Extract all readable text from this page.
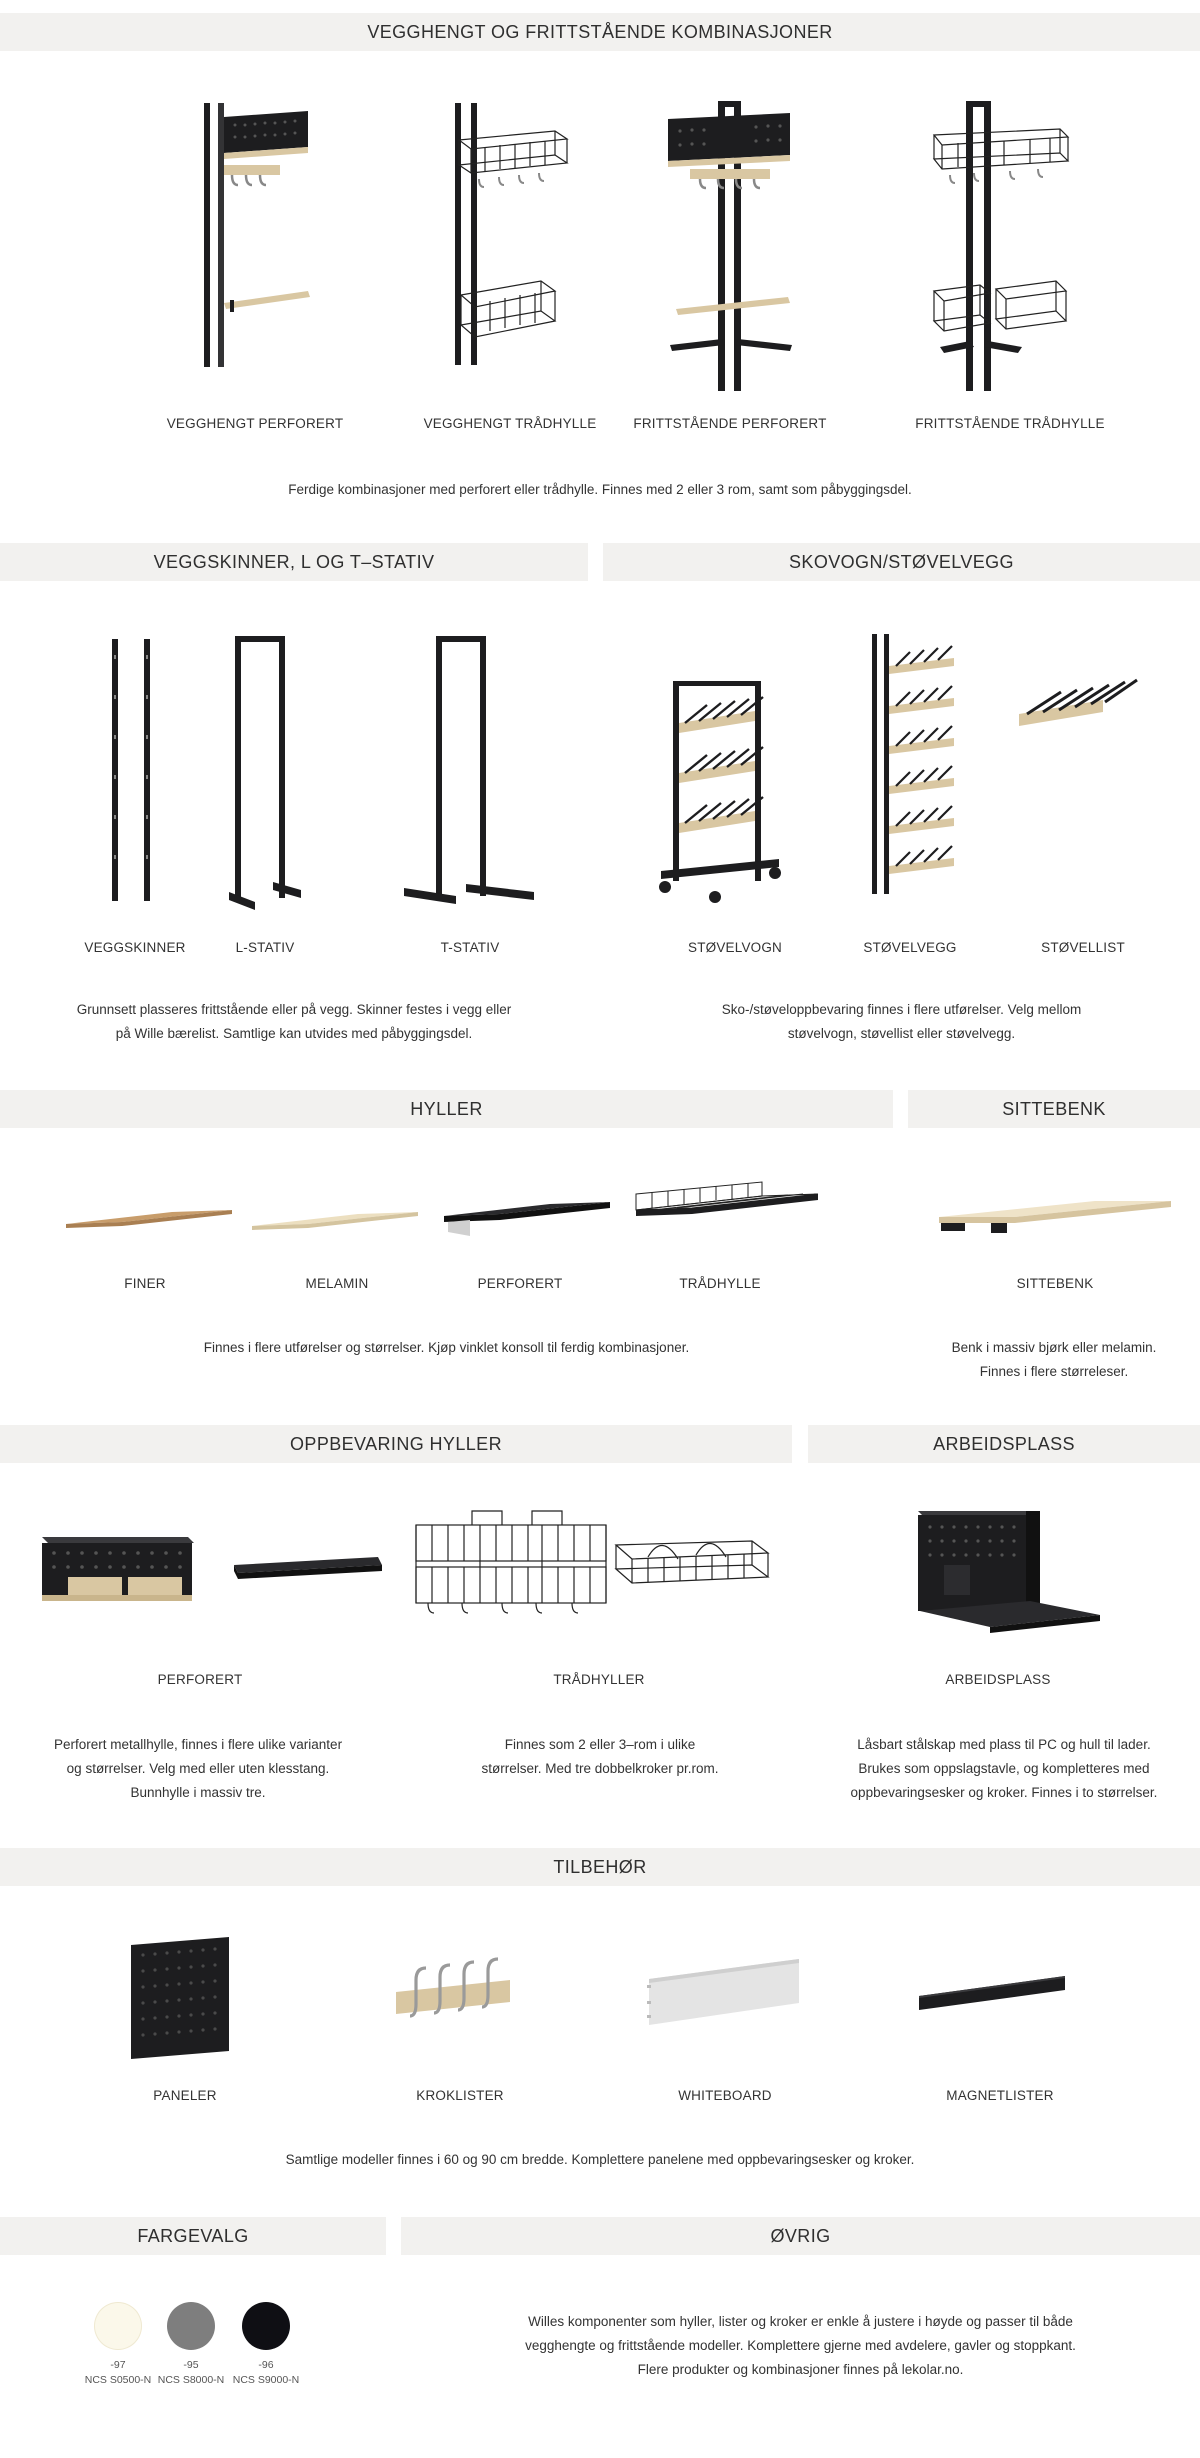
VEGGHENGT OG FRITTSTÅENDE KOMBINASJONER
VEGGHENGT PERFORERT	VEGGHENGT TRÅDHYLLE	FRITTSTÅENDE PERFORERT	FRITTSTÅENDE TRÅDHYLLE
Ferdige kombinasjoner med perforert eller trådhylle. Finnes med 2 eller 3 rom, samt som påbyggingsdel.
VEGGSKINNER, L OG T–STATIV	SKOVOGN/STØVELVEGG
VEGGSKINNER	L-STATIV	T-STATIV
Grunnsett plasseres frittstående eller på vegg. Skinner festes i vegg eller
på Wille bærelist. Samtlige kan utvides med påbyggingsdel.
STØVELVOGN	STØVELVEGG	STØVELLIST
Sko-/støveloppbevaring finnes i flere utførelser. Velg mellom
støvelvogn, støvellist eller støvelvegg.
HYLLER	SITTEBENK
FINER	MELAMIN	PERFORERT	TRÅDHYLLE
Finnes i flere utførelser og størrelser. Kjøp vinklet konsoll til ferdig kombinasjoner.
SITTEBENK
Benk i massiv bjørk eller melamin.
Finnes i flere størreleser.
OPPBEVARING HYLLER	ARBEIDSPLASS
PERFORERT	TRÅDHYLLER
Perforert metallhylle, finnes i flere ulike varianter
og størrelser. Velg med eller uten klesstang.
Bunnhylle i massiv tre.
Finnes som 2 eller 3–rom i ulike
størrelser. Med tre dobbelkroker pr.rom.
ARBEIDSPLASS
Låsbart stålskap med plass til PC og hull til lader.
Brukes som oppslagstavle, og kompletteres med
oppbevaringsesker og kroker. Finnes i to størrelser.
TILBEHØR
PANELER	KROKLISTER	WHITEBOARD	MAGNETLISTER
Samtlige modeller finnes i 60 og 90 cm bredde. Komplettere panelene med oppbevaringsesker og kroker.
FARGEVALG	ØVRIG
-97
NCS S0500-N
-95
NCS S8000-N
-96
NCS S9000-N
Willes komponenter som hyller, lister og kroker er enkle å justere i høyde og passer til både
vegghengte og frittstående modeller. Komplettere gjerne med avdelere, gavler og stoppkant.
Flere produkter og kombinasjoner finnes på lekolar.no.
